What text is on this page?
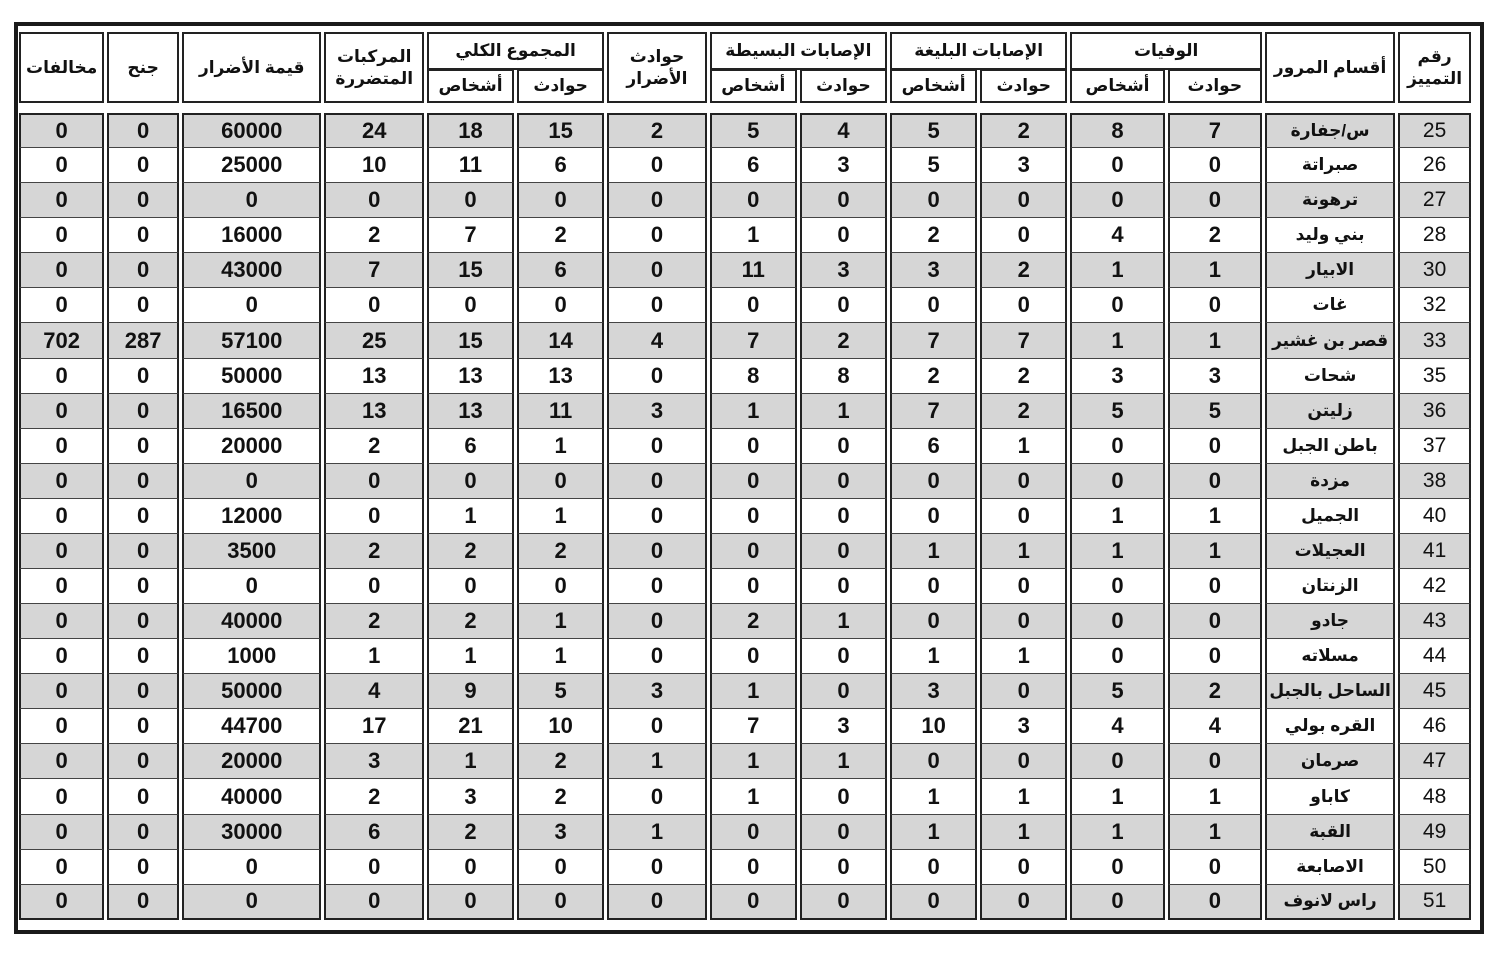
رقم التمييز	أقسام المرور	الوفيات		الإصابات البليغة		الإصابات البسيطة		حوادث الأضرار	المجموع الكلي		المركبات المتضررة	قيمة الأضرار	جنح	مخالفات
		حوادث	أشخاص	حوادث	أشخاص	حوادث	أشخاص		حوادث	أشخاص				

25	س/جفارة	7	8	2	5	4	5	2	15	18	24	60000	0	0
26	صبراتة	0	0	3	5	3	6	0	6	11	10	25000	0	0
27	ترهونة	0	0	0	0	0	0	0	0	0	0	0	0	0
28	بني وليد	2	4	0	2	0	1	0	2	7	2	16000	0	0
30	الابيار	1	1	2	3	3	11	0	6	15	7	43000	0	0
32	غات	0	0	0	0	0	0	0	0	0	0	0	0	0
33	قصر بن غشير	1	1	7	7	2	7	4	14	15	25	57100	287	702
35	شحات	3	3	2	2	8	8	0	13	13	13	50000	0	0
36	زليتن	5	5	2	7	1	1	3	11	13	13	16500	0	0
37	باطن الجبل	0	0	1	6	0	0	0	1	6	2	20000	0	0
38	مزدة	0	0	0	0	0	0	0	0	0	0	0	0	0
40	الجميل	1	1	0	0	0	0	0	1	1	0	12000	0	0
41	العجيلات	1	1	1	1	0	0	0	2	2	2	3500	0	0
42	الزنتان	0	0	0	0	0	0	0	0	0	0	0	0	0
43	جادو	0	0	0	0	1	2	0	1	2	2	40000	0	0
44	مسلاته	0	0	1	1	0	0	0	1	1	1	1000	0	0
45	الساحل بالجبل	2	5	0	3	0	1	3	5	9	4	50000	0	0
46	القره بولي	4	4	3	10	3	7	0	10	21	17	44700	0	0
47	صرمان	0	0	0	0	1	1	1	2	1	3	20000	0	0
48	كاباو	1	1	1	1	0	1	0	2	3	2	40000	0	0
49	القبة	1	1	1	1	0	0	1	3	2	6	30000	0	0
50	الاصابعة	0	0	0	0	0	0	0	0	0	0	0	0	0
51	راس لانوف	0	0	0	0	0	0	0	0	0	0	0	0	0
